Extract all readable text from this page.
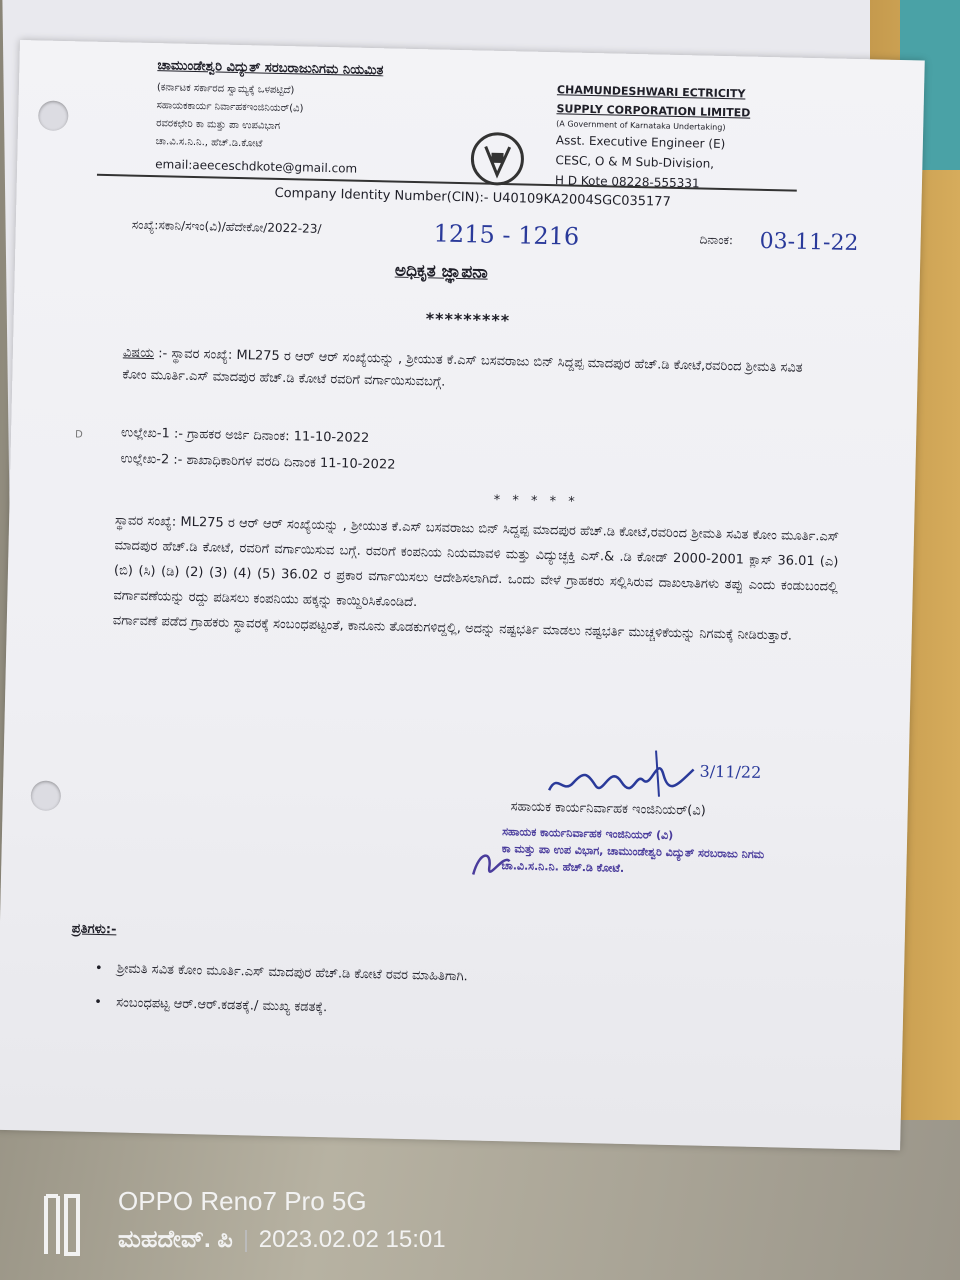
D
ಚಾಮುಂಡೇಶ್ವರಿ ವಿದ್ಯುತ್ ಸರಬರಾಜುನಿಗಮ ನಿಯಮಿತ
(ಕರ್ನಾಟಕ ಸರ್ಕಾರದ ಸ್ವಾಮ್ಯಕ್ಕೆ ಒಳಪಟ್ಟಿದೆ)
ಸಹಾಯಕಕಾರ್ಯ ನಿರ್ವಾಹಕಇಂಜಿನಿಯರ್(ವಿ)
ರವರಕಛೇರಿ ಕಾ ಮತ್ತು ಪಾ ಉಪವಿಭಾಗ
ಚಾ.ವಿ.ಸ.ನಿ.ನಿ., ಹೆಚ್.ಡಿ.ಕೋಟೆ
email:aeeceschdkote@gmail.com
CHAMUNDESHWARI ECTRICITY
SUPPLY CORPORATION LIMITED
(A Government of Karnataka Undertaking)
Asst. Executive Engineer (E)
CESC, O & M Sub-Division,
H D Kote 08228-555331
Company Identity Number(CIN):- U40109KA2004SGC035177
ಸಂಖ್ಯೆ:ಸಕಾನಿ/ಸಇಂ(ವಿ)/ಹೆದೇಕೋ/2022-23/	1215 - 1216	ದಿನಾಂಕ: 03-11-22
ಅಧಿಕೃತ ಜ್ಞಾಪನಾ
*********
ವಿಷಯ :- ಸ್ಥಾವರ ಸಂಖ್ಯೆ: ML275 ರ ಆರ್ ಆರ್ ಸಂಖ್ಯೆಯನ್ನು , ಶ್ರೀಯುತ ಕೆ.ಎಸ್ ಬಸವರಾಜು ಬಿನ್ ಸಿದ್ದಪ್ಪ ಮಾದಪುರ ಹೆಚ್.ಡಿ ಕೋಟೆ,ರವರಿಂದ ಶ್ರೀಮತಿ ಸವಿತ ಕೋಂ ಮೂರ್ತಿ.ಎಸ್ ಮಾದಪುರ ಹೆಚ್.ಡಿ ಕೋಟೆ ರವರಿಗೆ ವರ್ಗಾಯಿಸುವಬಗ್ಗೆ.
ಉಲ್ಲೇಖ-1 :- ಗ್ರಾಹಕರ ಅರ್ಜಿ ದಿನಾಂಕ: 11-10-2022
ಉಲ್ಲೇಖ-2 :- ಶಾಖಾಧಿಕಾರಿಗಳ ವರದಿ ದಿನಾಂಕ 11-10-2022
* * * * *

ಸ್ಥಾವರ ಸಂಖ್ಯೆ: ML275 ರ ಆರ್ ಆರ್ ಸಂಖ್ಯೆಯನ್ನು , ಶ್ರೀಯುತ ಕೆ.ಎಸ್ ಬಸವರಾಜು ಬಿನ್ ಸಿದ್ದಪ್ಪ ಮಾದಪುರ ಹೆಚ್.ಡಿ ಕೋಟೆ,ರವರಿಂದ ಶ್ರೀಮತಿ ಸವಿತ ಕೋಂ ಮೂರ್ತಿ.ಎಸ್ ಮಾದಪುರ ಹೆಚ್.ಡಿ ಕೋಟೆ, ರವರಿಗೆ ವರ್ಗಾಯಿಸುವ ಬಗ್ಗೆ. ರವರಿಗೆ ಕಂಪನಿಯ ನಿಯಮಾವಳಿ ಮತ್ತು ವಿದ್ಯುಚ್ಛಕ್ತಿ ಎಸ್.& .ಡಿ ಕೋಡ್ 2000-2001 ಕ್ಲಾಸ್ 36.01 (ಎ) (ಬಿ) (ಸಿ) (ಡಿ) (2) (3) (4) (5) 36.02 ರ ಪ್ರಕಾರ ವರ್ಗಾಯಿಸಲು ಆದೇಶಿಸಲಾಗಿದೆ. ಒಂದು ವೇಳೆ ಗ್ರಾಹಕರು ಸಲ್ಲಿಸಿರುವ ದಾಖಲಾತಿಗಳು ತಪ್ಪು ಎಂದು ಕಂಡುಬಂದಲ್ಲಿ ವರ್ಗಾವಣೆಯನ್ನು ರದ್ದು ಪಡಿಸಲು ಕಂಪನಿಯು ಹಕ್ಕನ್ನು ಕಾಯ್ದಿರಿಸಿಕೊಂಡಿದೆ.

ವರ್ಗಾವಣೆ ಪಡೆದ ಗ್ರಾಹಕರು ಸ್ಥಾವರಕ್ಕೆ ಸಂಬಂಧಪಟ್ಟಂತೆ, ಕಾನೂನು ತೊಡಕುಗಳಿದ್ದಲ್ಲಿ, ಅದನ್ನು ನಷ್ಟಭರ್ತಿ ಮಾಡಲು ನಷ್ಟಭರ್ತಿ ಮುಚ್ಚಳಿಕೆಯನ್ನು ನಿಗಮಕ್ಕೆ ನೀಡಿರುತ್ತಾರೆ.

3/11/22
ಸಹಾಯಕ ಕಾರ್ಯನಿರ್ವಾಹಕ ಇಂಜಿನಿಯರ್(ವಿ)
ಸಹಾಯಕ ಕಾರ್ಯನಿರ್ವಾಹಕ ಇಂಜಿನಿಯರ್ (ವಿ)
ಕಾ ಮತ್ತು ಪಾ ಉಪ ವಿಭಾಗ, ಚಾಮುಂಡೇಶ್ವರಿ ವಿದ್ಯುತ್ ಸರಬರಾಜು ನಿಗಮ
ಚಾ.ವಿ.ಸ.ನಿ.ನಿ. ಹೆಚ್.ಡಿ ಕೋಟೆ.
ಪ್ರತಿಗಳು:-
• ಶ್ರೀಮತಿ ಸವಿತ ಕೋಂ ಮೂರ್ತಿ.ಎಸ್ ಮಾದಪುರ ಹೆಚ್.ಡಿ ಕೋಟೆ ರವರ ಮಾಹಿತಿಗಾಗಿ.
• ಸಂಬಂಧಪಟ್ಟ ಆರ್.ಆರ್.ಕಡತಕ್ಕೆ./ ಮುಖ್ಯ ಕಡತಕ್ಕೆ.
OPPO Reno7 Pro 5G
ಮಹದೇವ್. ಪಿ 2023.02.02 15:01
